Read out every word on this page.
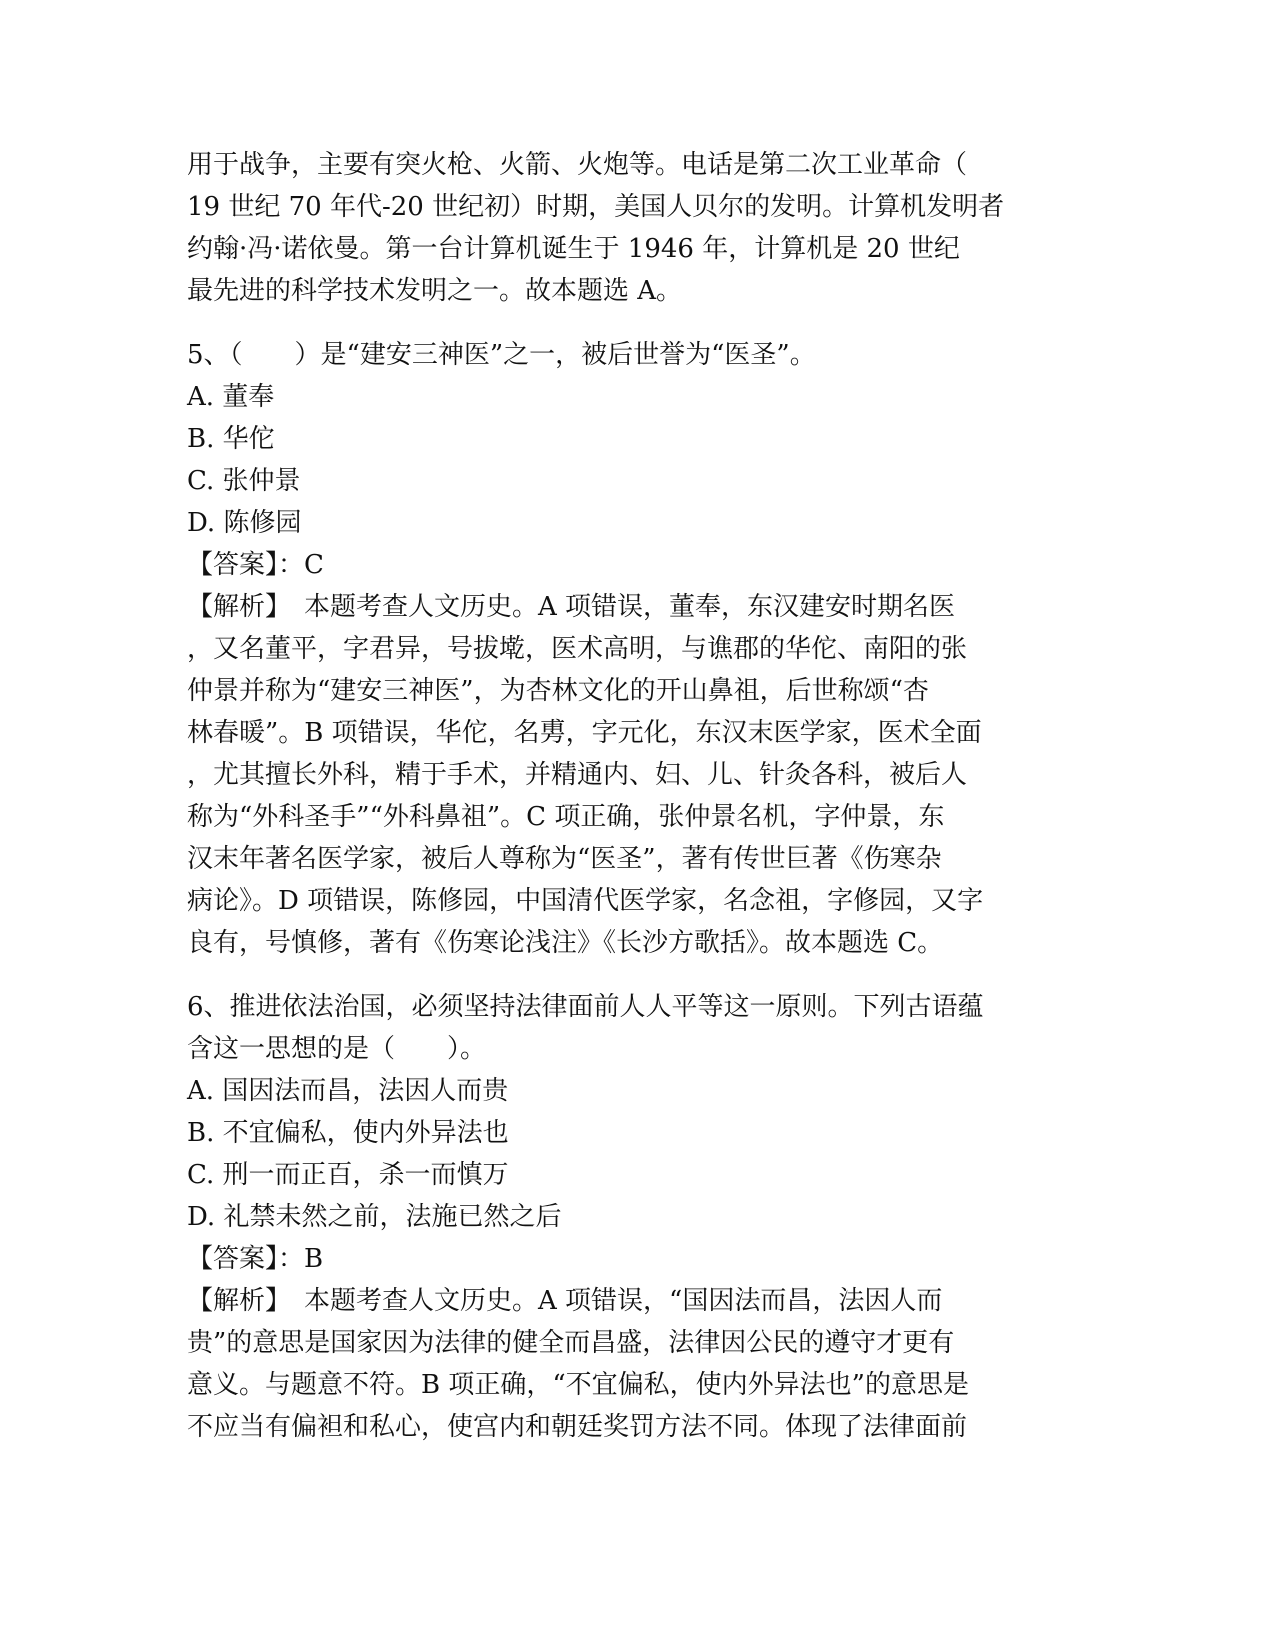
用于战争，主要有突火枪、火箭、火炮等。电话是第二次工业革命（
19 世纪 70 年代-20 世纪初）时期，美国人贝尔的发明。计算机发明者
约翰·冯·诺依曼。第一台计算机诞生于 1946 年，计算机是 20 世纪
最先进的科学技术发明之一。故本题选 A。
5、（　　）是“建安三神医”之一，被后世誉为“医圣”。
A. 董奉
B. 华佗
C. 张仲景
D. 陈修园
【答案】：C
【解析】　本题考查人文历史。A 项错误，董奉，东汉建安时期名医
，又名董平，字君异，号拔墘，医术高明，与谯郡的华佗、南阳的张
仲景并称为“建安三神医”，为杏林文化的开山鼻祖，后世称颂“杏
林春暖”。B 项错误，华佗，名旉，字元化，东汉末医学家，医术全面
，尤其擅长外科，精于手术，并精通内、妇、儿、针灸各科，被后人
称为“外科圣手”“外科鼻祖”。C 项正确，张仲景名机，字仲景，东
汉末年著名医学家，被后人尊称为“医圣”，著有传世巨著《伤寒杂
病论》。D 项错误，陈修园，中国清代医学家，名念祖，字修园，又字
良有，号慎修，著有《伤寒论浅注》《长沙方歌括》。故本题选 C。
6、推进依法治国，必须坚持法律面前人人平等这一原则。下列古语蕴
含这一思想的是（　　）。
A. 国因法而昌，法因人而贵
B. 不宜偏私，使内外异法也
C. 刑一而正百，杀一而慎万
D. 礼禁未然之前，法施已然之后
【答案】：B
【解析】　本题考查人文历史。A 项错误，“国因法而昌，法因人而
贵”的意思是国家因为法律的健全而昌盛，法律因公民的遵守才更有
意义。与题意不符。B 项正确，“不宜偏私，使内外异法也”的意思是
不应当有偏袒和私心，使宫内和朝廷奖罚方法不同。体现了法律面前
